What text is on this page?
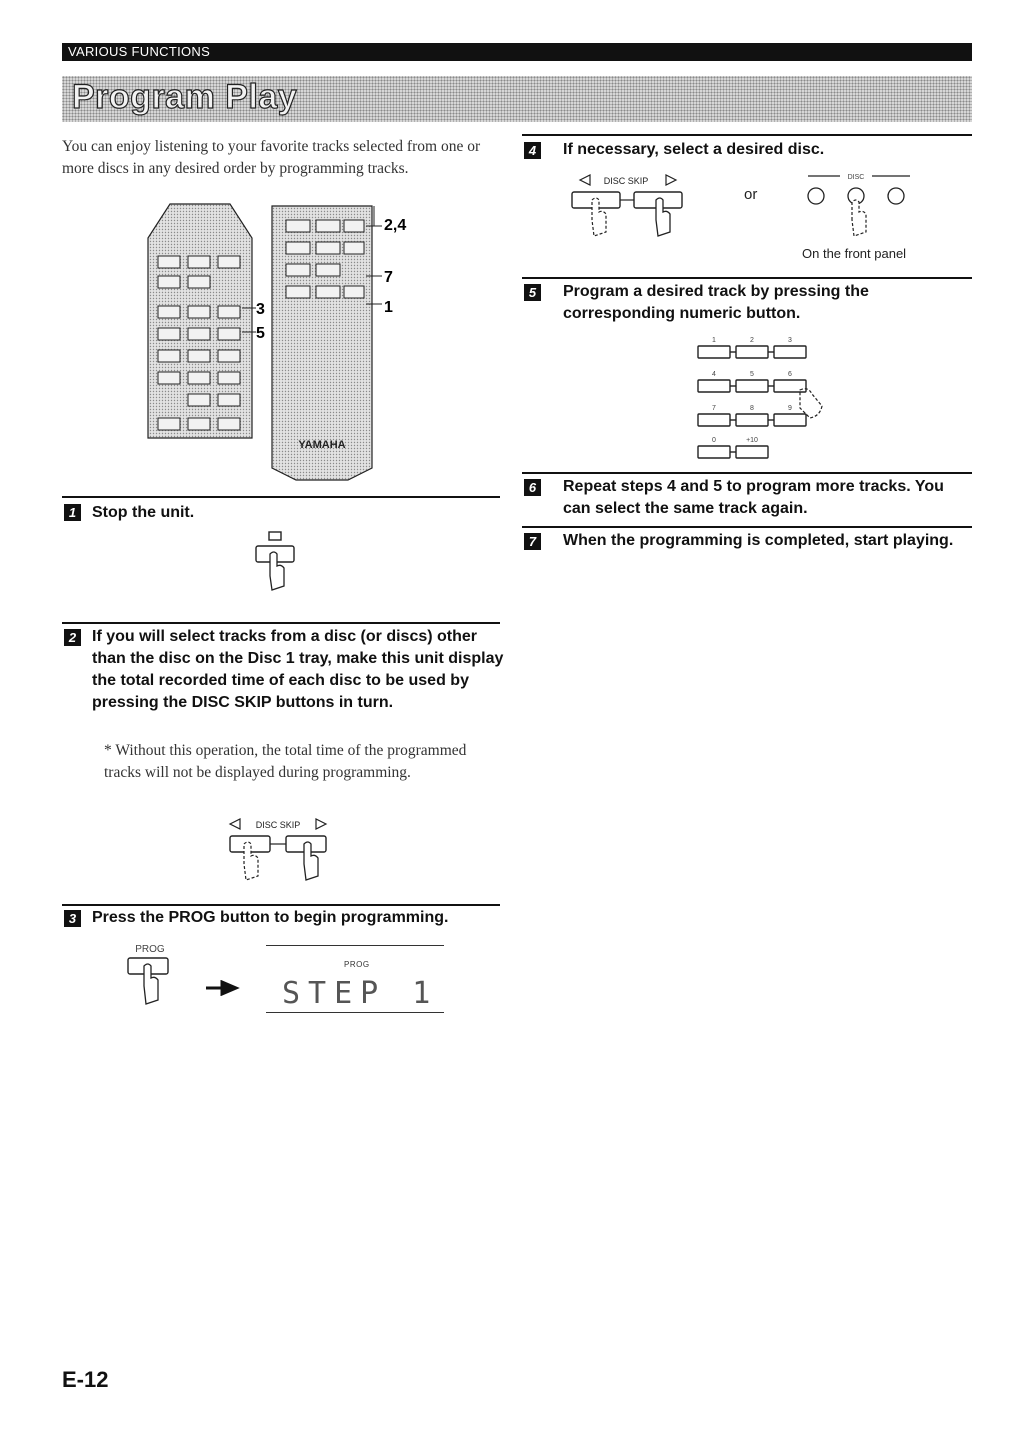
VARIOUS FUNCTIONS
Program Play
You can enjoy listening to your favorite tracks selected from one or more discs in any desired order by programming tracks.
YAMAHA
2,4
7
1
3
5
1 Stop the unit.
2 If you will select tracks from a disc (or discs) other than the disc on the Disc 1 tray, make this unit display the total recorded time of each disc to be used by pressing the DISC SKIP buttons in turn.
* Without this operation, the total time of the programmed tracks will not be displayed during programming.
DISC SKIP
3 Press the PROG button to begin programming.
PROG
PROG
STEP 1
4	If necessary, select a desired disc.
DISC SKIP
or
DISC
On the front panel
5	Program a desired track by pressing the corresponding numeric button.
1	2	3
4	5	6
7	8	9
0	+10
6	Repeat steps 4 and 5 to program more tracks. You can select the same track again.
7	When the programming is completed, start playing.
E-12
